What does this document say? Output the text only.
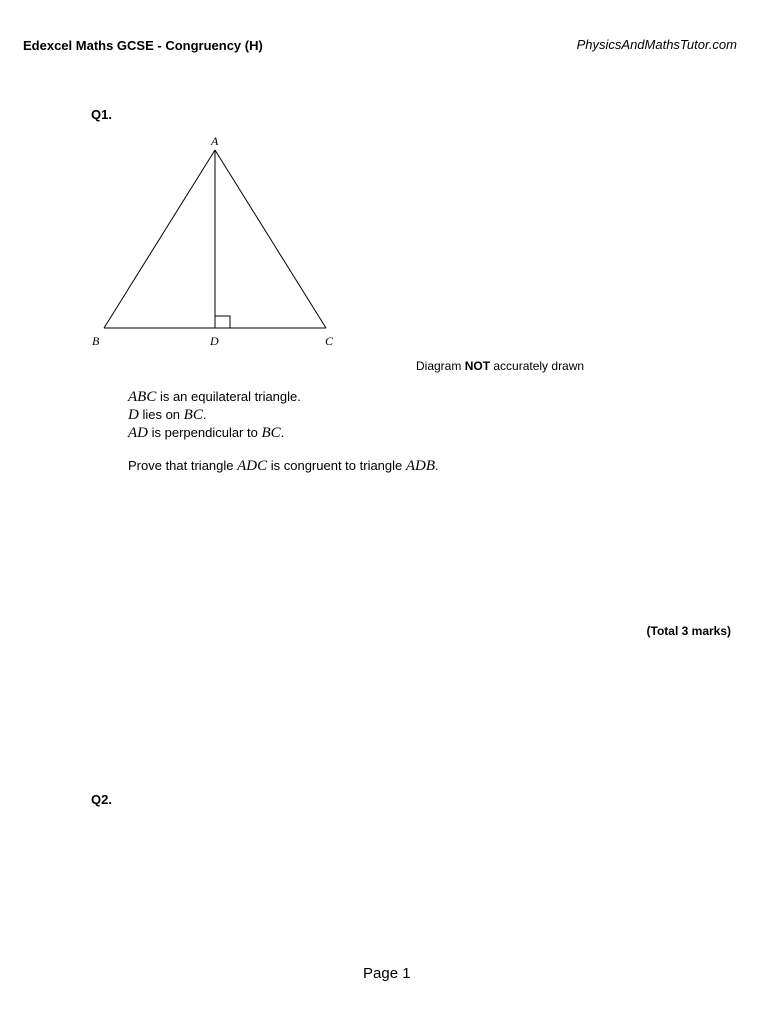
Edexcel Maths GCSE - Congruency (H)	PhysicsAndMathsTutor.com
Q1.
A
B	D	C
Diagram NOT accurately drawn
ABC is an equilateral triangle.
D lies on BC.
AD is perpendicular to BC.
Prove that triangle ADC is congruent to triangle ADB.
(Total 3 marks)
Q2.
Page 1
